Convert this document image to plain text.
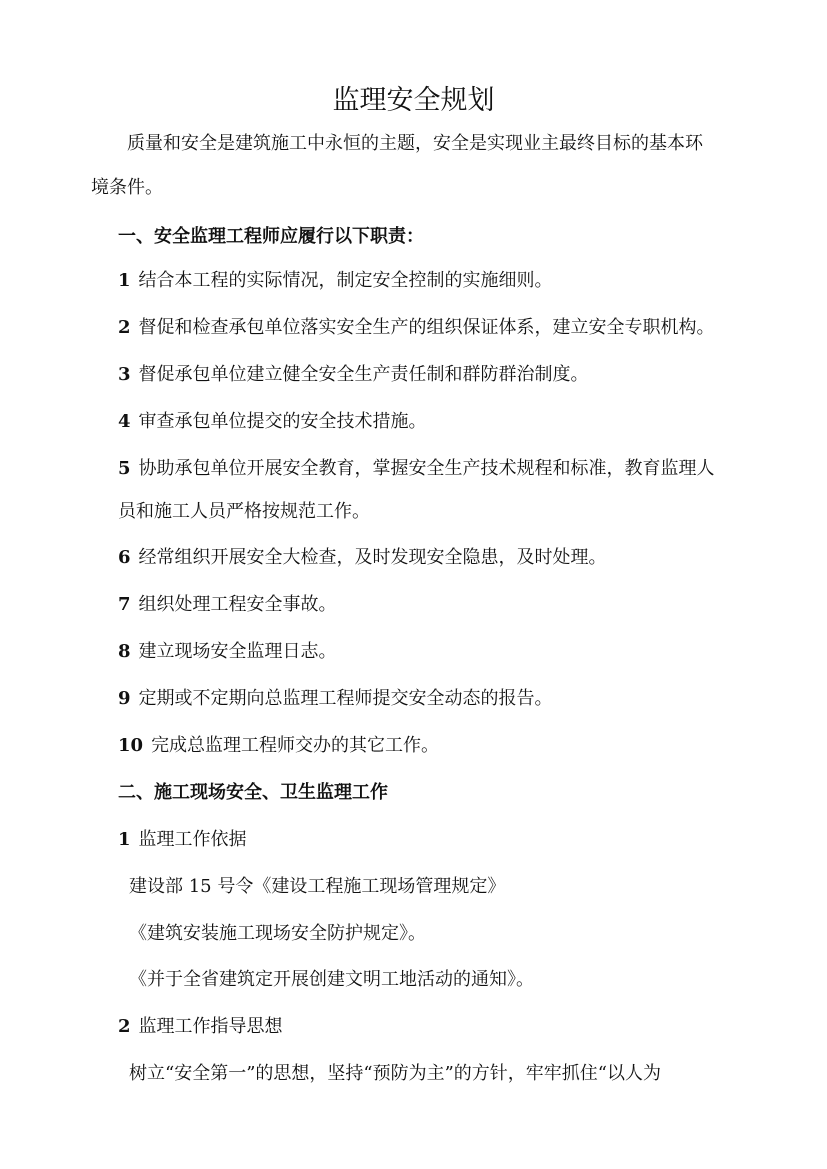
监理安全规划
质量和安全是建筑施工中永恒的主题，安全是实现业主最终目标的基本环
境条件。
一、安全监理工程师应履行以下职责：
1 结合本工程的实际情况，制定安全控制的实施细则。
2 督促和检查承包单位落实安全生产的组织保证体系，建立安全专职机构。
3 督促承包单位建立健全安全生产责任制和群防群治制度。
4 审查承包单位提交的安全技术措施。
5 协助承包单位开展安全教育，掌握安全生产技术规程和标准，教育监理人
员和施工人员严格按规范工作。
6 经常组织开展安全大检查，及时发现安全隐患，及时处理。
7 组织处理工程安全事故。
8 建立现场安全监理日志。
9 定期或不定期向总监理工程师提交安全动态的报告。
10 完成总监理工程师交办的其它工作。
二、施工现场安全、卫生监理工作
1 监理工作依据
建设部 15 号令《建设工程施工现场管理规定》
《建筑安装施工现场安全防护规定》。
《并于全省建筑定开展创建文明工地活动的通知》。
2 监理工作指导思想
树立“安全第一”的思想，坚持“预防为主”的方针，牢牢抓住“以人为
